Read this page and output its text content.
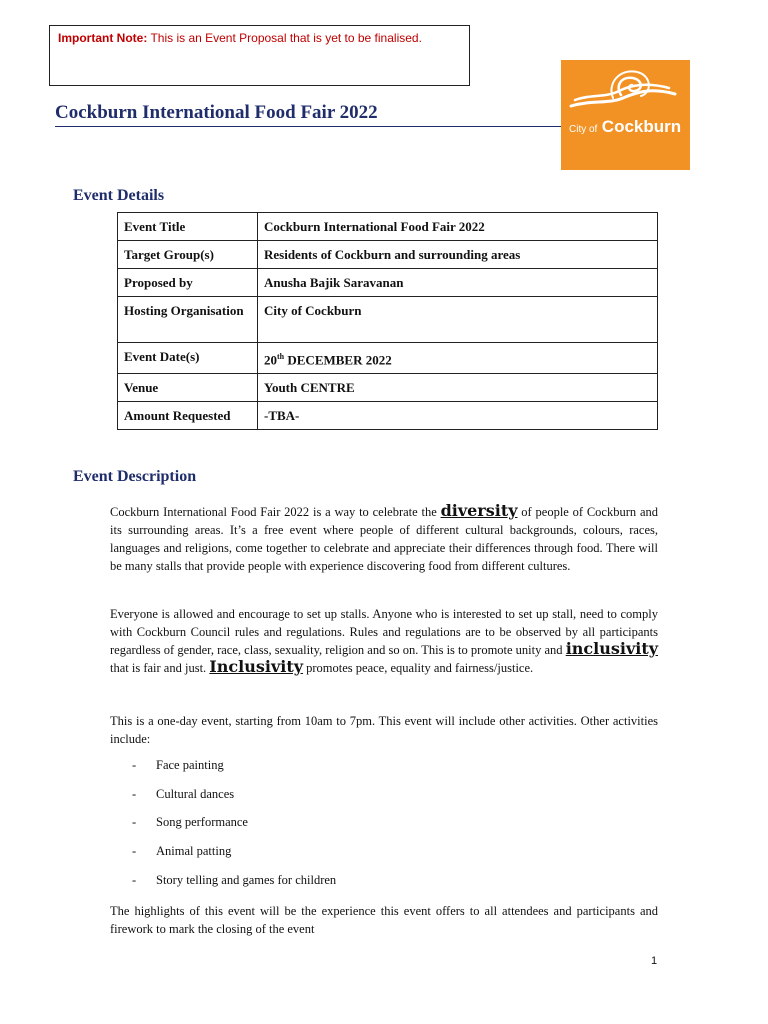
Important Note: This is an Event Proposal that is yet to be finalised.
Cockburn International Food Fair 2022
City of Cockburn
Event Details
Event Title	Cockburn International Food Fair 2022
Target Group(s)	Residents of Cockburn and surrounding areas
Proposed by	Anusha Bajik Saravanan
Hosting Organisation	City of Cockburn
Event Date(s)	20th DECEMBER 2022
Venue	Youth CENTRE
Amount Requested	-TBA-
Event Description

Cockburn International Food Fair 2022 is a way to celebrate the diversity of people of Cockburn and its surrounding areas. It’s a free event where people of different cultural backgrounds, colours, races, languages and religions, come together to celebrate and appreciate their differences through food. There will be many stalls that provide people with experience discovering food from different cultures.

Everyone is allowed and encourage to set up stalls. Anyone who is interested to set up stall, need to comply with Cockburn Council rules and regulations. Rules and regulations are to be observed by all participants regardless of gender, race, class, sexuality, religion and so on. This is to promote unity and inclusivity that is fair and just. Inclusivity promotes peace, equality and fairness/justice.

This is a one-day event, starting from 10am to 7pm. This event will include other activities. Other activities include:

-	Face painting
-	Cultural dances
-	Song performance
-	Animal patting
-	Story telling and games for children

The highlights of this event will be the experience this event offers to all attendees and participants and firework to mark the closing of the event

1
